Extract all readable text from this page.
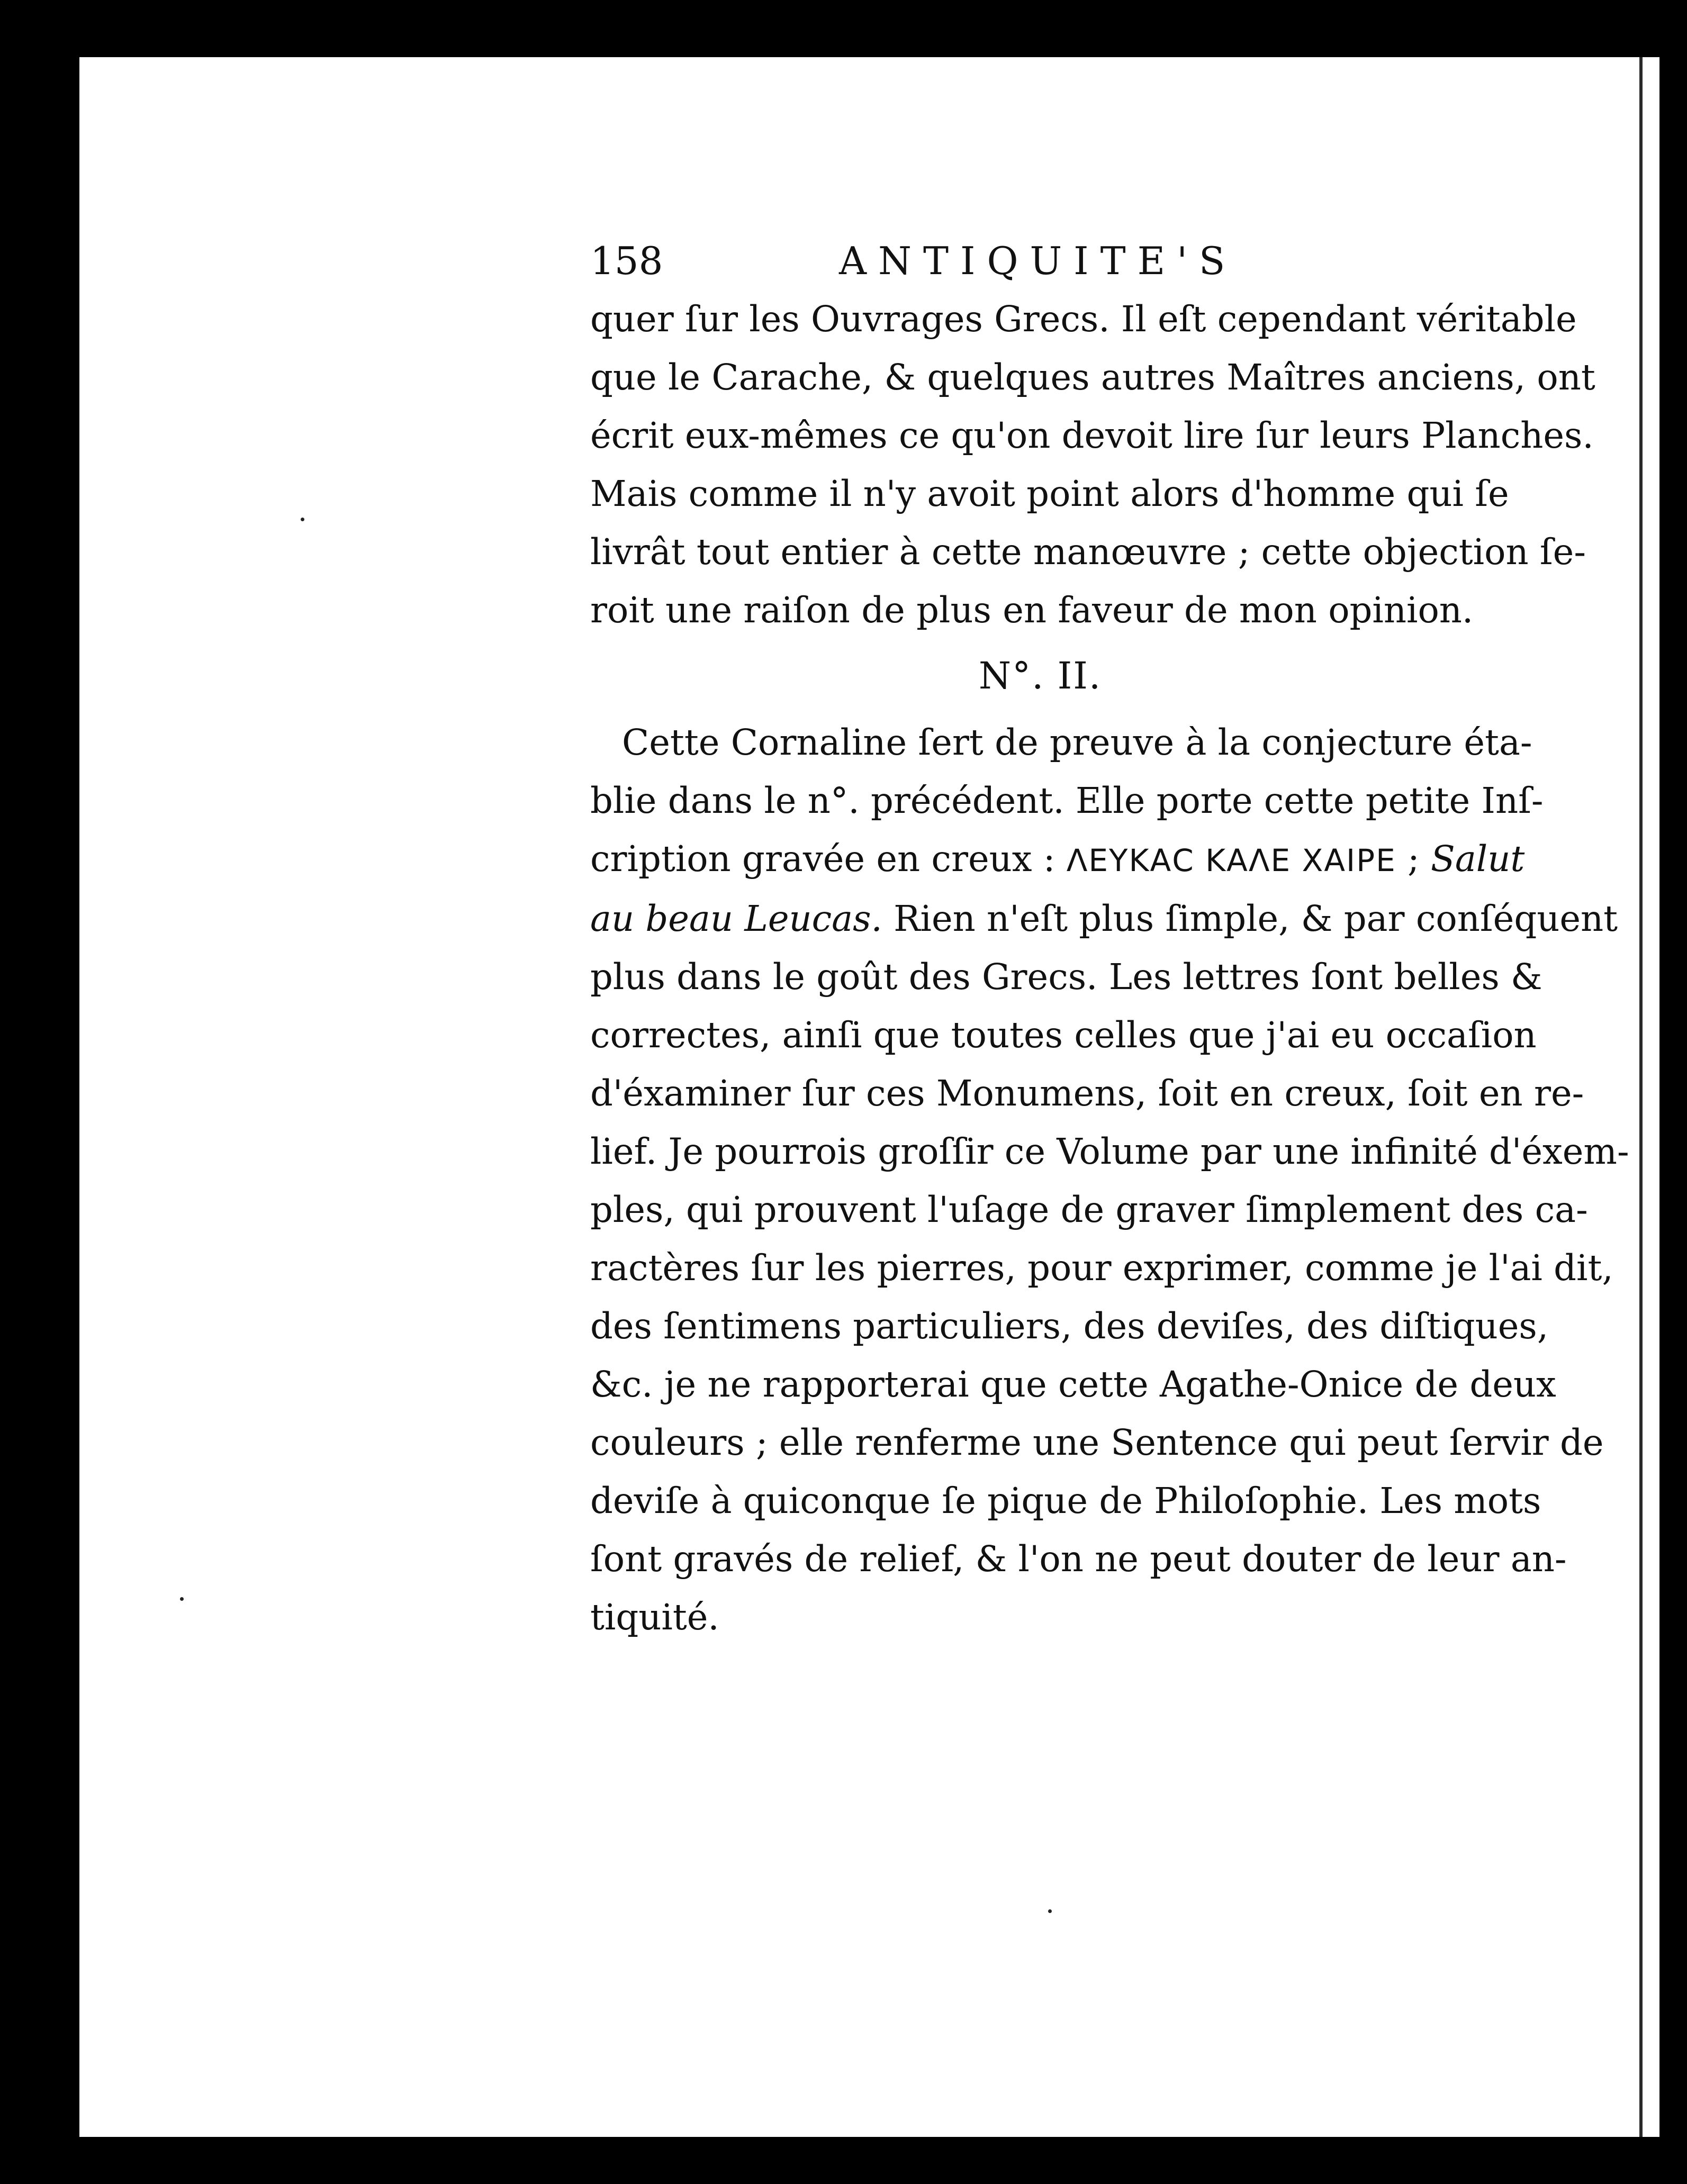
158	ANTIQUITE'S
quer ſur les Ouvrages Grecs. Il eſt cependant véritable
que le Carache, & quelques autres Maîtres anciens, ont
écrit eux-mêmes ce qu'on devoit lire ſur leurs Planches.
Mais comme il n'y avoit point alors d'homme qui ſe
livrât tout entier à cette manœuvre ; cette objection ſe-
roit une raiſon de plus en faveur de mon opinion.
N°. II.
Cette Cornaline ſert de preuve à la conjecture éta-
blie dans le n°. précédent. Elle porte cette petite Inſ-
cription gravée en creux : ΛΕΥΚΑϹ ΚΑΛΕ ΧΑΙΡΕ ; Salut
au beau Leucas. Rien n'eſt plus ſimple, & par conſéquent
plus dans le goût des Grecs. Les lettres ſont belles &
correctes, ainſi que toutes celles que j'ai eu occaſion
d'éxaminer ſur ces Monumens, ſoit en creux, ſoit en re-
lief. Je pourrois groſſir ce Volume par une infinité d'éxem-
ples, qui prouvent l'uſage de graver ſimplement des ca-
ractères ſur les pierres, pour exprimer, comme je l'ai dit,
des ſentimens particuliers, des deviſes, des diſtiques,
&c. je ne rapporterai que cette Agathe-Onice de deux
couleurs ; elle renferme une Sentence qui peut ſervir de
deviſe à quiconque ſe pique de Philoſophie. Les mots
ſont gravés de relief, & l'on ne peut douter de leur an-
tiquité.
